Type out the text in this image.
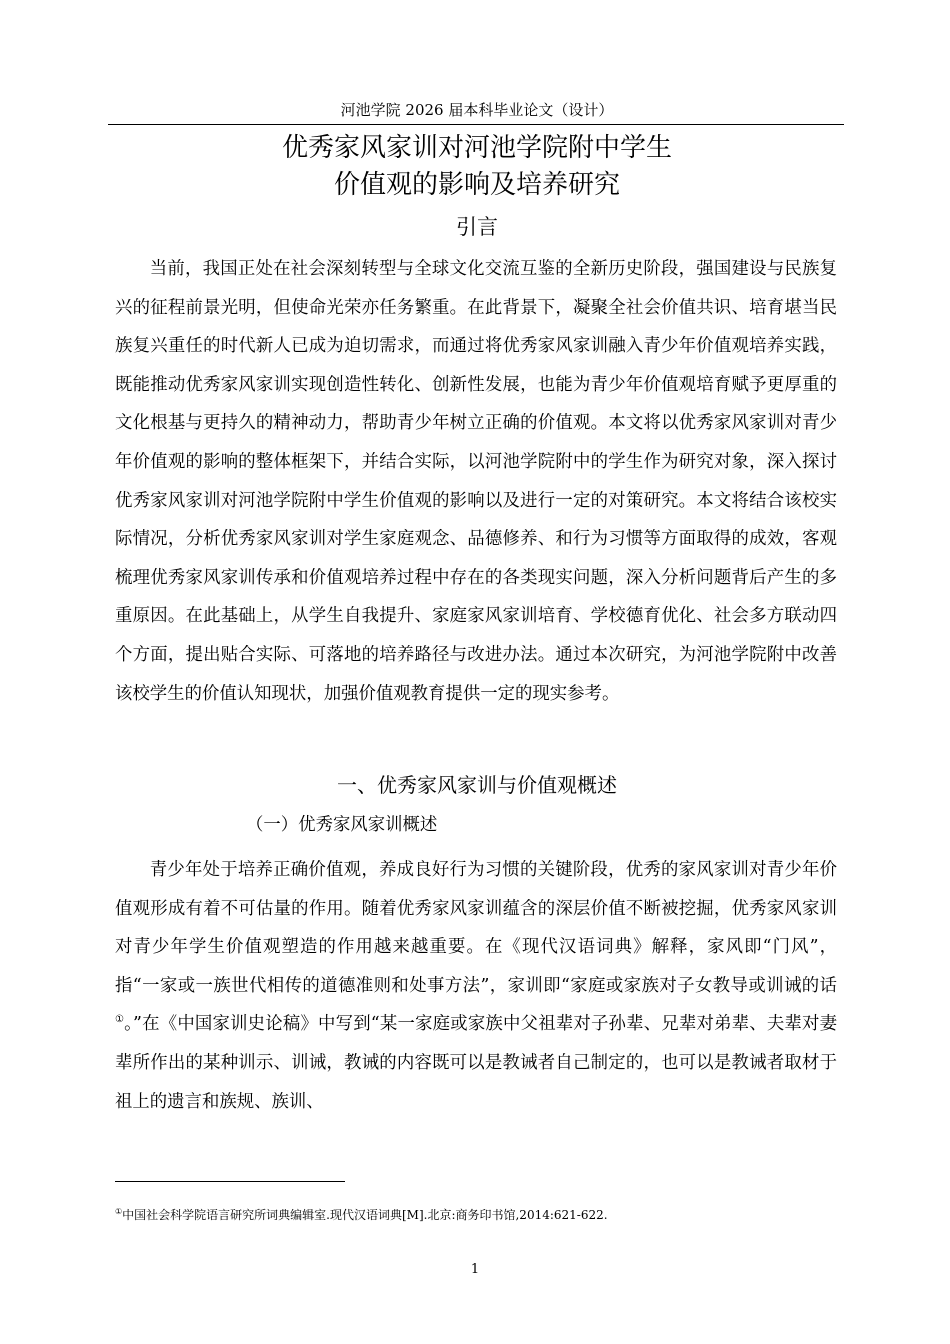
河池学院 2026 届本科毕业论文（设计）
优秀家风家训对河池学院附中学生
价值观的影响及培养研究
引言

当前，我国正处在社会深刻转型与全球文化交流互鉴的全新历史阶段，强国建设与民族复兴的征程前景光明，但使命光荣亦任务繁重。在此背景下，凝聚全社会价值共识、培育堪当民族复兴重任的时代新人已成为迫切需求，而通过将优秀家风家训融入青少年价值观培养实践，既能推动优秀家风家训实现创造性转化、创新性发展，也能为青少年价值观培育赋予更厚重的文化根基与更持久的精神动力，帮助青少年树立正确的价值观。本文将以优秀家风家训对青少年价值观的影响的整体框架下，并结合实际，以河池学院附中的学生作为研究对象，深入探讨优秀家风家训对河池学院附中学生价值观的影响以及进行一定的对策研究。本文将结合该校实际情况，分析优秀家风家训对学生家庭观念、品德修养、和行为习惯等方面取得的成效，客观梳理优秀家风家训传承和价值观培养过程中存在的各类现实问题，深入分析问题背后产生的多重原因。在此基础上，从学生自我提升、家庭家风家训培育、学校德育优化、社会多方联动四个方面，提出贴合实际、可落地的培养路径与改进办法。通过本次研究，为河池学院附中改善该校学生的价值认知现状，加强价值观教育提供一定的现实参考。

一、优秀家风家训与价值观概述
（一）优秀家风家训概述

青少年处于培养正确价值观，养成良好行为习惯的关键阶段，优秀的家风家训对青少年价值观形成有着不可估量的作用。随着优秀家风家训蕴含的深层价值不断被挖掘，优秀家风家训对青少年学生价值观塑造的作用越来越重要。在《现代汉语词典》解释，家风即“门风”，指“一家或一族世代相传的道德准则和处事方法”，家训即“家庭或家族对子女教导或训诫的话①。”在《中国家训史论稿》中写到“某一家庭或家族中父祖辈对子孙辈、兄辈对弟辈、夫辈对妻辈所作出的某种训示、训诫，教诫的内容既可以是教诫者自己制定的，也可以是教诫者取材于祖上的遗言和族规、族训、

①中国社会科学院语言研究所词典编辑室.现代汉语词典[M].北京:商务印书馆,2014:621-622.

1
